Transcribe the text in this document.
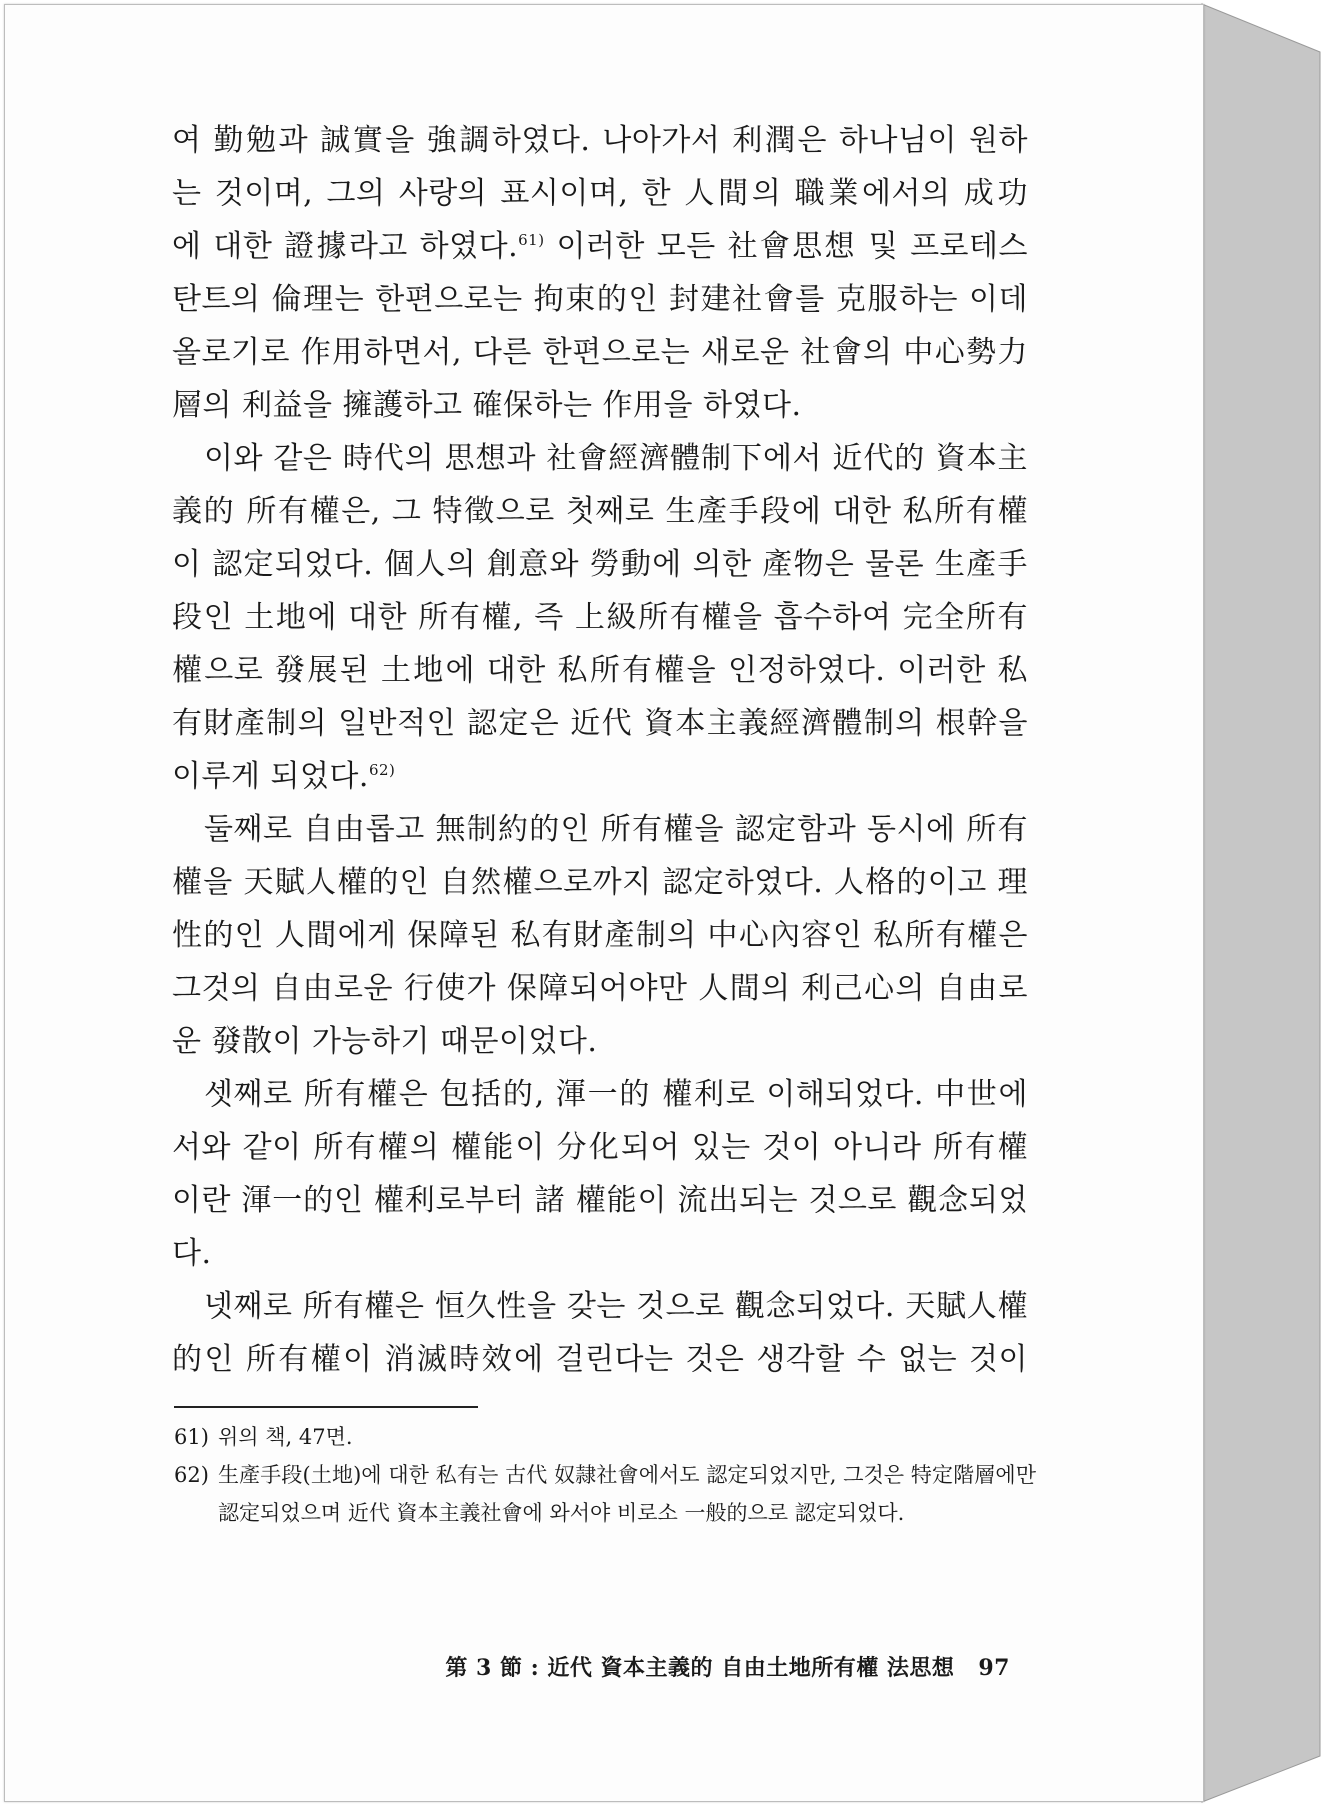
여 勤勉과 誠實을 強調하였다. 나아가서 利潤은 하나님이 원하
는 것이며, 그의 사랑의 표시이며, 한 人間의 職業에서의 成功
에 대한 證據라고 하였다.$^{61)}$ 이러한 모든 社會思想 및 프로테스
탄트의 倫理는 한편으로는 拘束的인 封建社會를 克服하는 이데
올로기로 作用하면서, 다른 한편으로는 새로운 社會의 中心勢力
層의 利益을 擁護하고 確保하는 作用을 하였다.
이와 같은 時代의 思想과 社會經濟體制下에서 近代的 資本主
義的 所有權은, 그 特徵으로 첫째로 生產手段에 대한 私所有權
이 認定되었다. 個人의 創意와 勞動에 의한 產物은 물론 生產手
段인 土地에 대한 所有權, 즉 上級所有權을 흡수하여 完全所有
權으로 發展된 土地에 대한 私所有權을 인정하였다. 이러한 私
有財產制의 일반적인 認定은 近代 資本主義經濟體制의 根幹을
이루게 되었다.$^{62)}$
둘째로 自由롭고 無制約的인 所有權을 認定함과 동시에 所有
權을 天賦人權的인 自然權으로까지 認定하였다. 人格的이고 理
性的인 人間에게 保障된 私有財產制의 中心內容인 私所有權은
그것의 自由로운 行使가 保障되어야만 人間의 利己心의 自由로
운 發散이 가능하기 때문이었다.
셋째로 所有權은 包括的, 渾一的 權利로 이해되었다. 中世에
서와 같이 所有權의 權能이 分化되어 있는 것이 아니라 所有權
이란 渾一的인 權利로부터 諸 權能이 流出되는 것으로 觀念되었
다.
넷째로 所有權은 恒久性을 갖는 것으로 觀念되었다. 天賦人權
的인 所有權이 消滅時效에 걸린다는 것은 생각할 수 없는 것이
61) 위의 책, 47면.
62) 生產手段(土地)에 대한 私有는 古代 奴隷社會에서도 認定되었지만, 그것은 特定階層에만 認定되었으며 近代 資本主義社會에 와서야 비로소 一般的으로 認定되었다.
第 3 節 : 近代 資本主義的 自由土地所有權 法思想 97
